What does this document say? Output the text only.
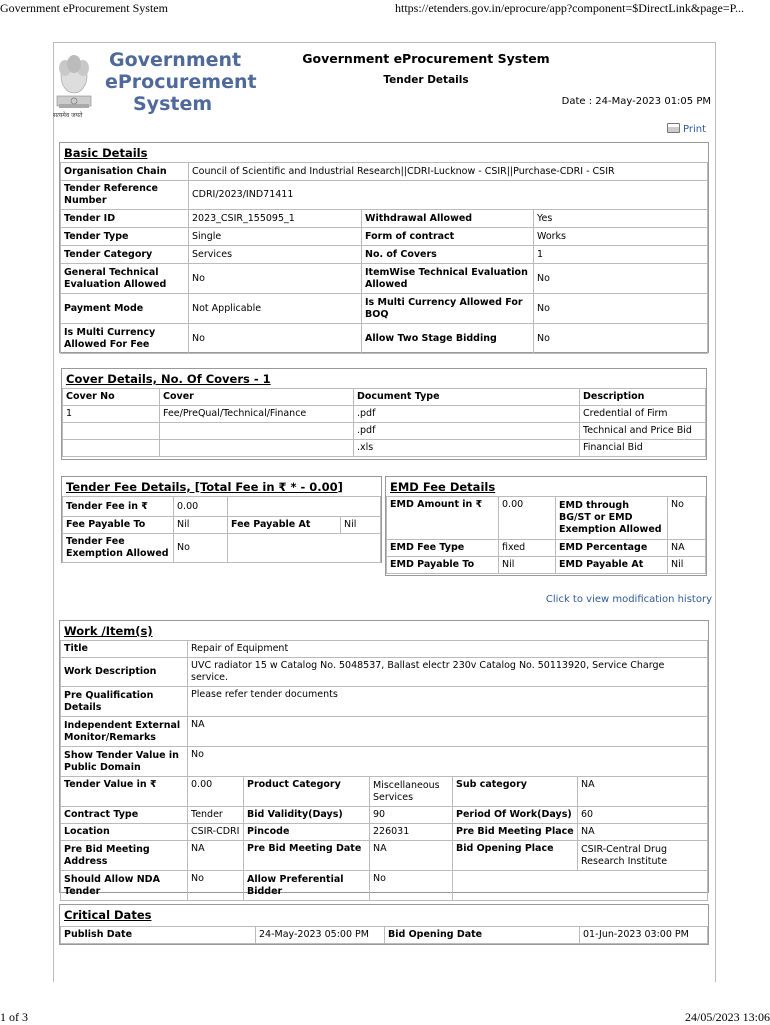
Government eProcurement System	https://etenders.gov.in/eprocure/app?component=$DirectLink&page=P...
Government
eProcurement
System
सत्यमेव जयते
Government eProcurement System
Tender Details
Date : 24-May-2023 01:05 PM
Print
Basic Details
Organisation Chain	Council of Scientific and Industrial Research||CDRI-Lucknow - CSIR||Purchase-CDRI - CSIR		
Tender Reference Number	CDRI/2023/IND71411		
Tender ID	2023_CSIR_155095_1	Withdrawal Allowed	Yes
Tender Type	Single	Form of contract	Works
Tender Category	Services	No. of Covers	1
General Technical Evaluation Allowed	No	ItemWise Technical Evaluation Allowed	No
Payment Mode	Not Applicable	Is Multi Currency Allowed For BOQ	No
Is Multi Currency Allowed For Fee	No	Allow Two Stage Bidding	No
Cover Details, No. Of Covers - 1
Cover No	Cover	Document Type	Description
1	Fee/PreQual/Technical/Finance	.pdf	Credential of Firm
		.pdf	Technical and Price Bid
		.xls	Financial Bid
Tender Fee Details, [Total Fee in ₹ * - 0.00]
Tender Fee in ₹	0.00		
Fee Payable To	Nil	Fee Payable At	Nil
Tender Fee Exemption Allowed	No		
EMD Fee Details
EMD Amount in ₹	0.00	EMD through BG/ST or EMD Exemption Allowed	No
EMD Fee Type	fixed	EMD Percentage	NA
EMD Payable To	Nil	EMD Payable At	Nil
Click to view modification history
Work /Item(s)
Title	Repair of Equipment				
Work Description	UVC radiator 15 w Catalog No. 5048537, Ballast electr 230v Catalog No. 50113920, Service Charge service.				
Pre Qualification Details	Please refer tender documents				
Independent External Monitor/Remarks	NA				
Show Tender Value in Public Domain	No				
Tender Value in ₹	0.00	Product Category	Miscellaneous Services	Sub category	NA
Contract Type	Tender	Bid Validity(Days)	90	Period Of Work(Days)	60
Location	CSIR-CDRI	Pincode	226031	Pre Bid Meeting Place	NA
Pre Bid Meeting Address	NA	Pre Bid Meeting Date	NA	Bid Opening Place	CSIR-Central Drug Research Institute
Should Allow NDA Tender	No	Allow Preferential Bidder	No		
Critical Dates
Publish Date	24-May-2023 05:00 PM	Bid Opening Date	01-Jun-2023 03:00 PM
1 of 3	24/05/2023 13:06
